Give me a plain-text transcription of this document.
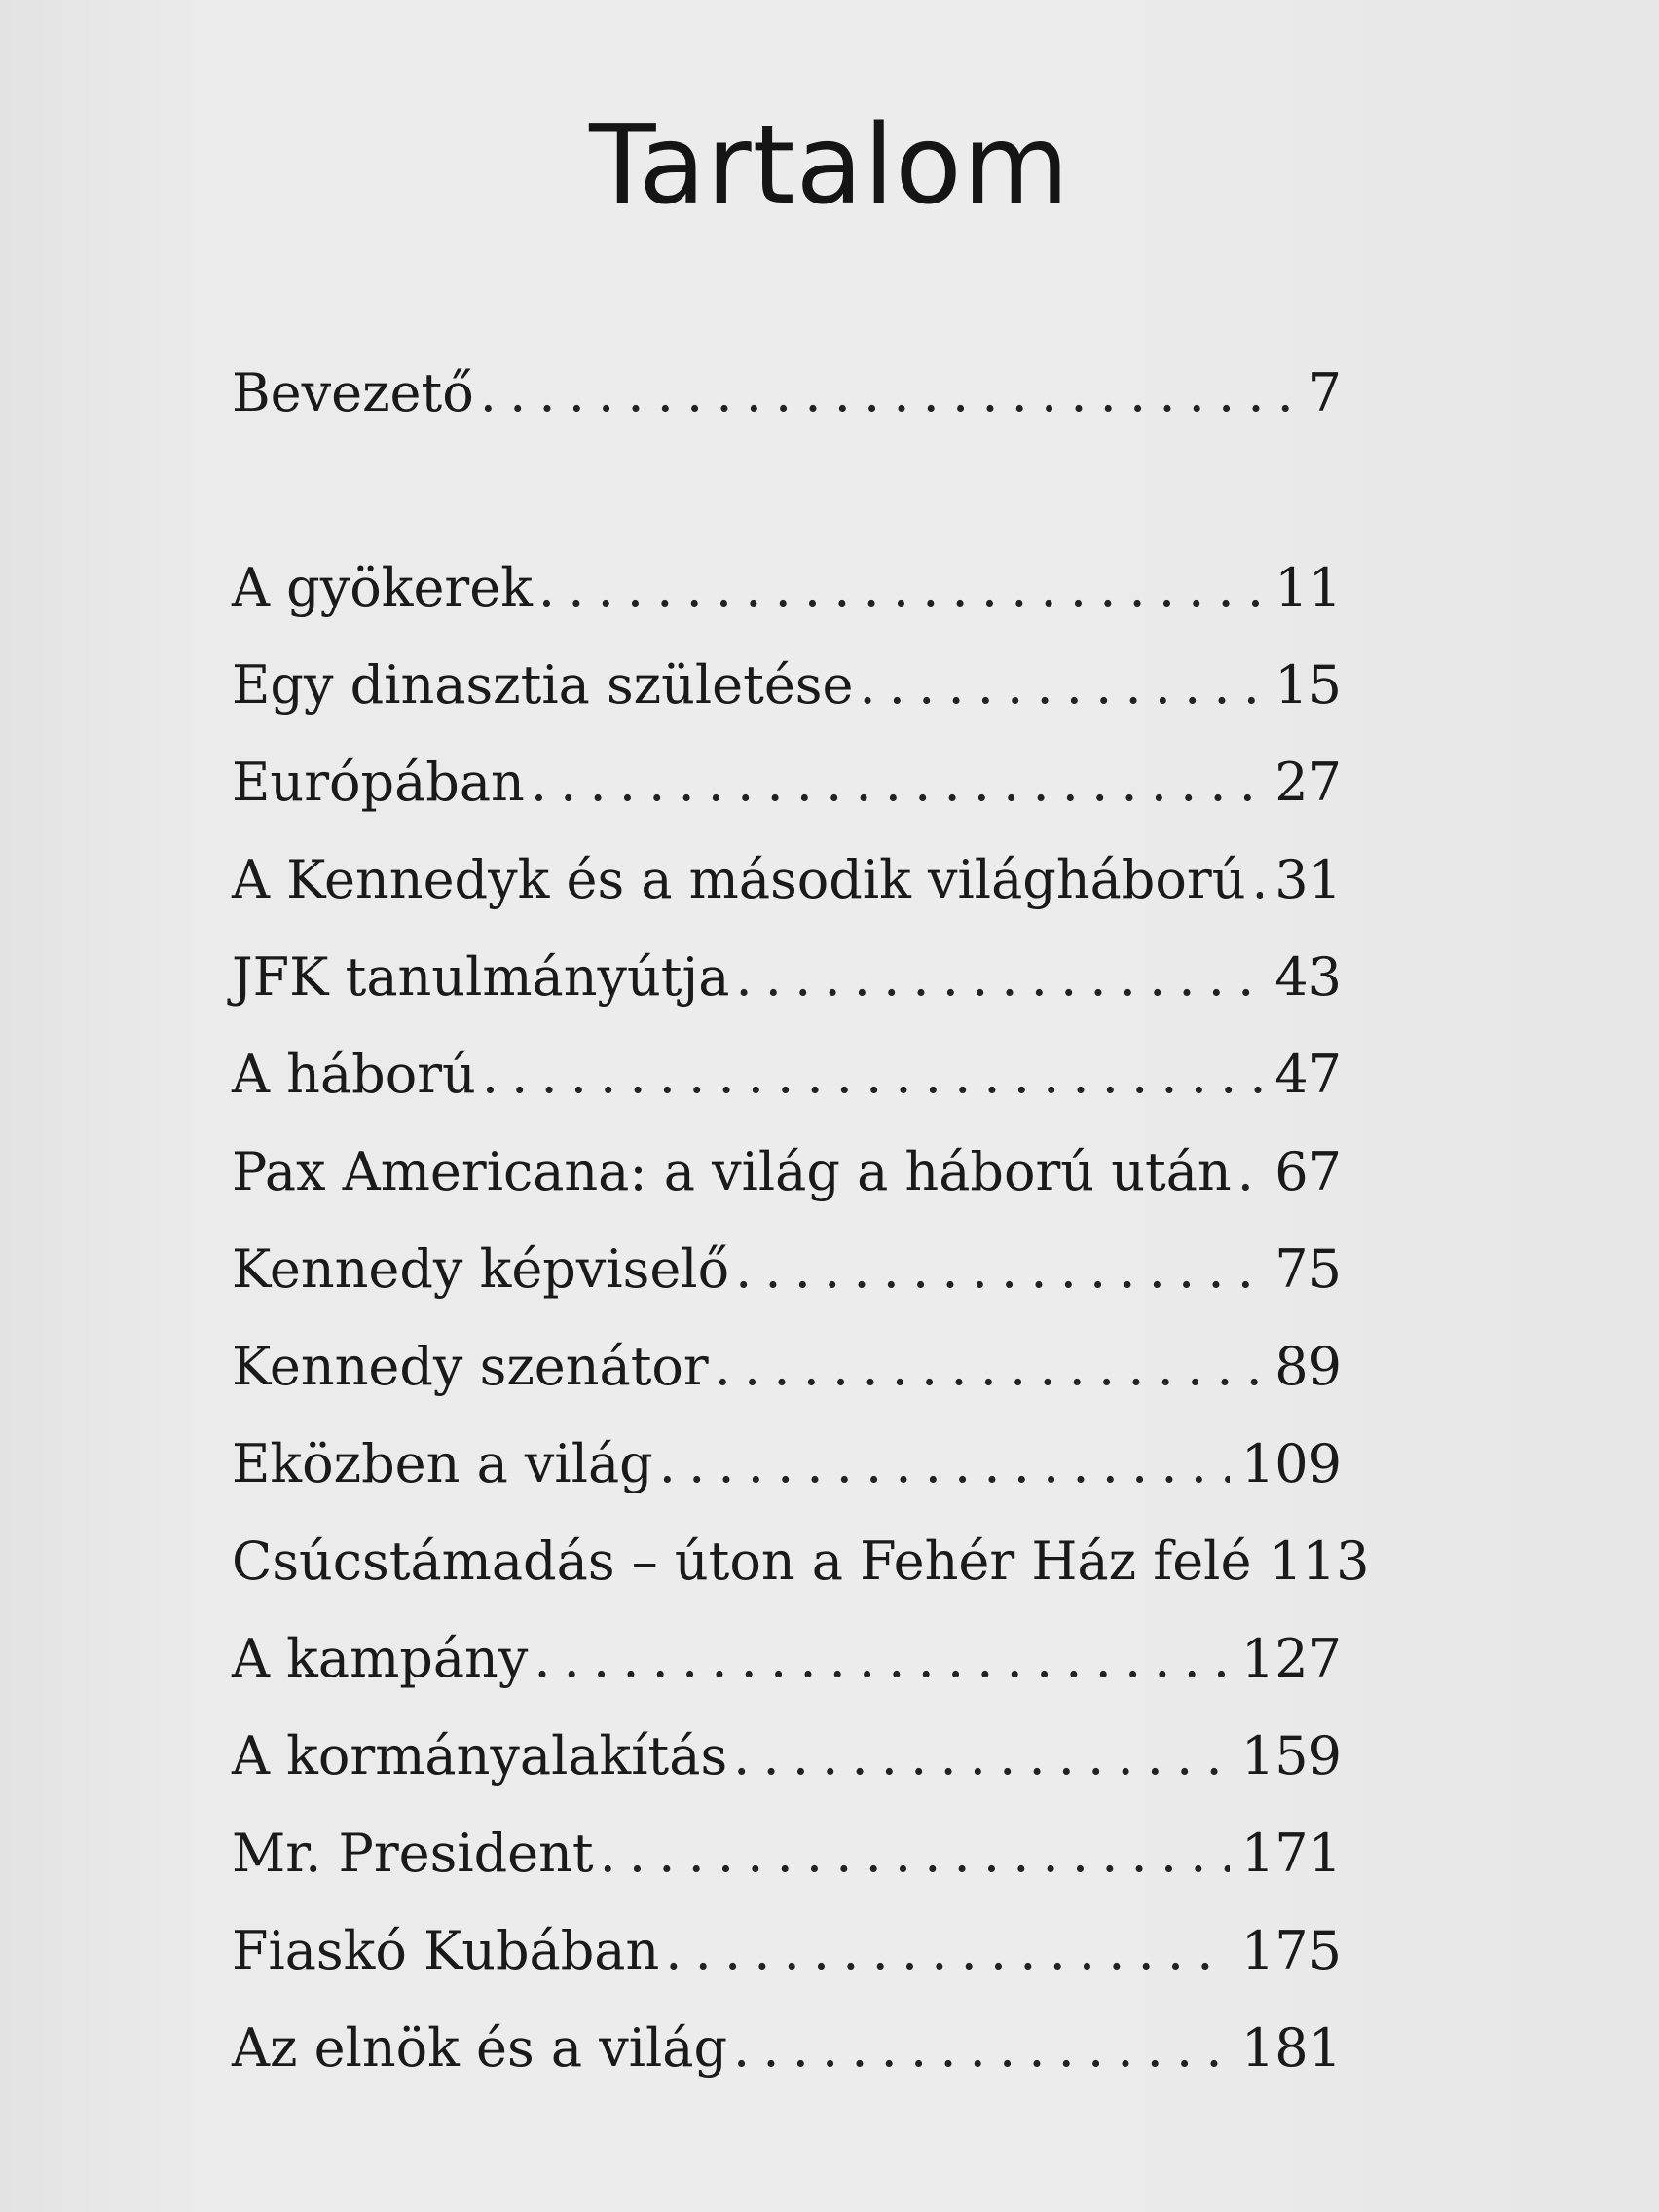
Tartalom
Bevezető . . .	7
A gyökerek . . .	11
Egy dinasztia születése . . .	15
Európában . . .	27
A Kennedyk és a második világháború . . . 31
JFK tanulmányútja . . .	43
A háború . . .	47
Pax Americana: a világ a háború után . . . 67
Kennedy képviselő . . .	75
Kennedy szenátor . . .	89
Eközben a világ . . .	109
Csúcstámadás – úton a Fehér Ház felé 113
A kampány . . .	127
A kormányalakítás . . .	159
Mr. President . . .	171
Fiaskó Kubában . . .	175
Az elnök és a világ . . .	181
